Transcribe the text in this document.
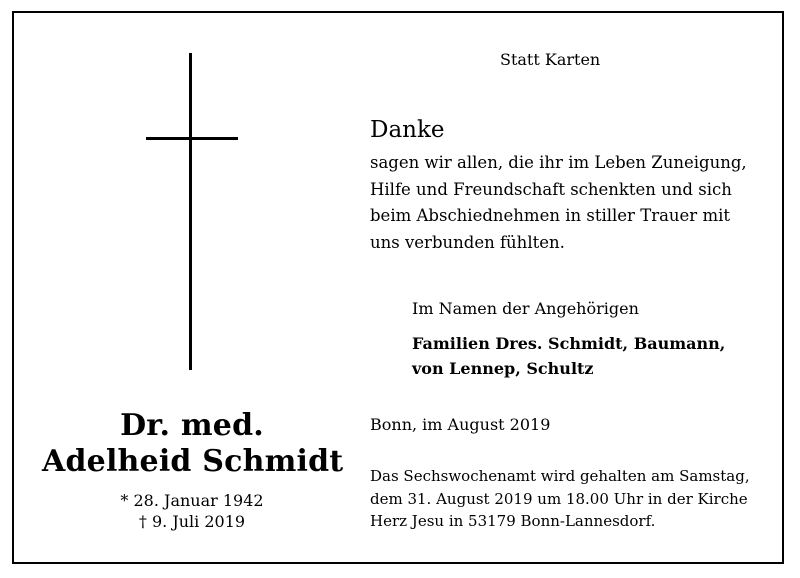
Statt Karten
Dr. med.
Adelheid Schmidt
* 28. Januar 1942
† 9. Juli 2019
Danke
sagen wir allen, die ihr im Leben Zuneigung,
Hilfe und Freundschaft schenkten und sich
beim Abschiednehmen in stiller Trauer mit
uns verbunden fühlten.
Im Namen der Angehörigen
Familien Dres. Schmidt, Baumann,
von Lennep, Schultz
Bonn, im August 2019
Das Sechswochenamt wird gehalten am Samstag,
dem 31. August 2019 um 18.00 Uhr in der Kirche
Herz Jesu in 53179 Bonn-Lannesdorf.
